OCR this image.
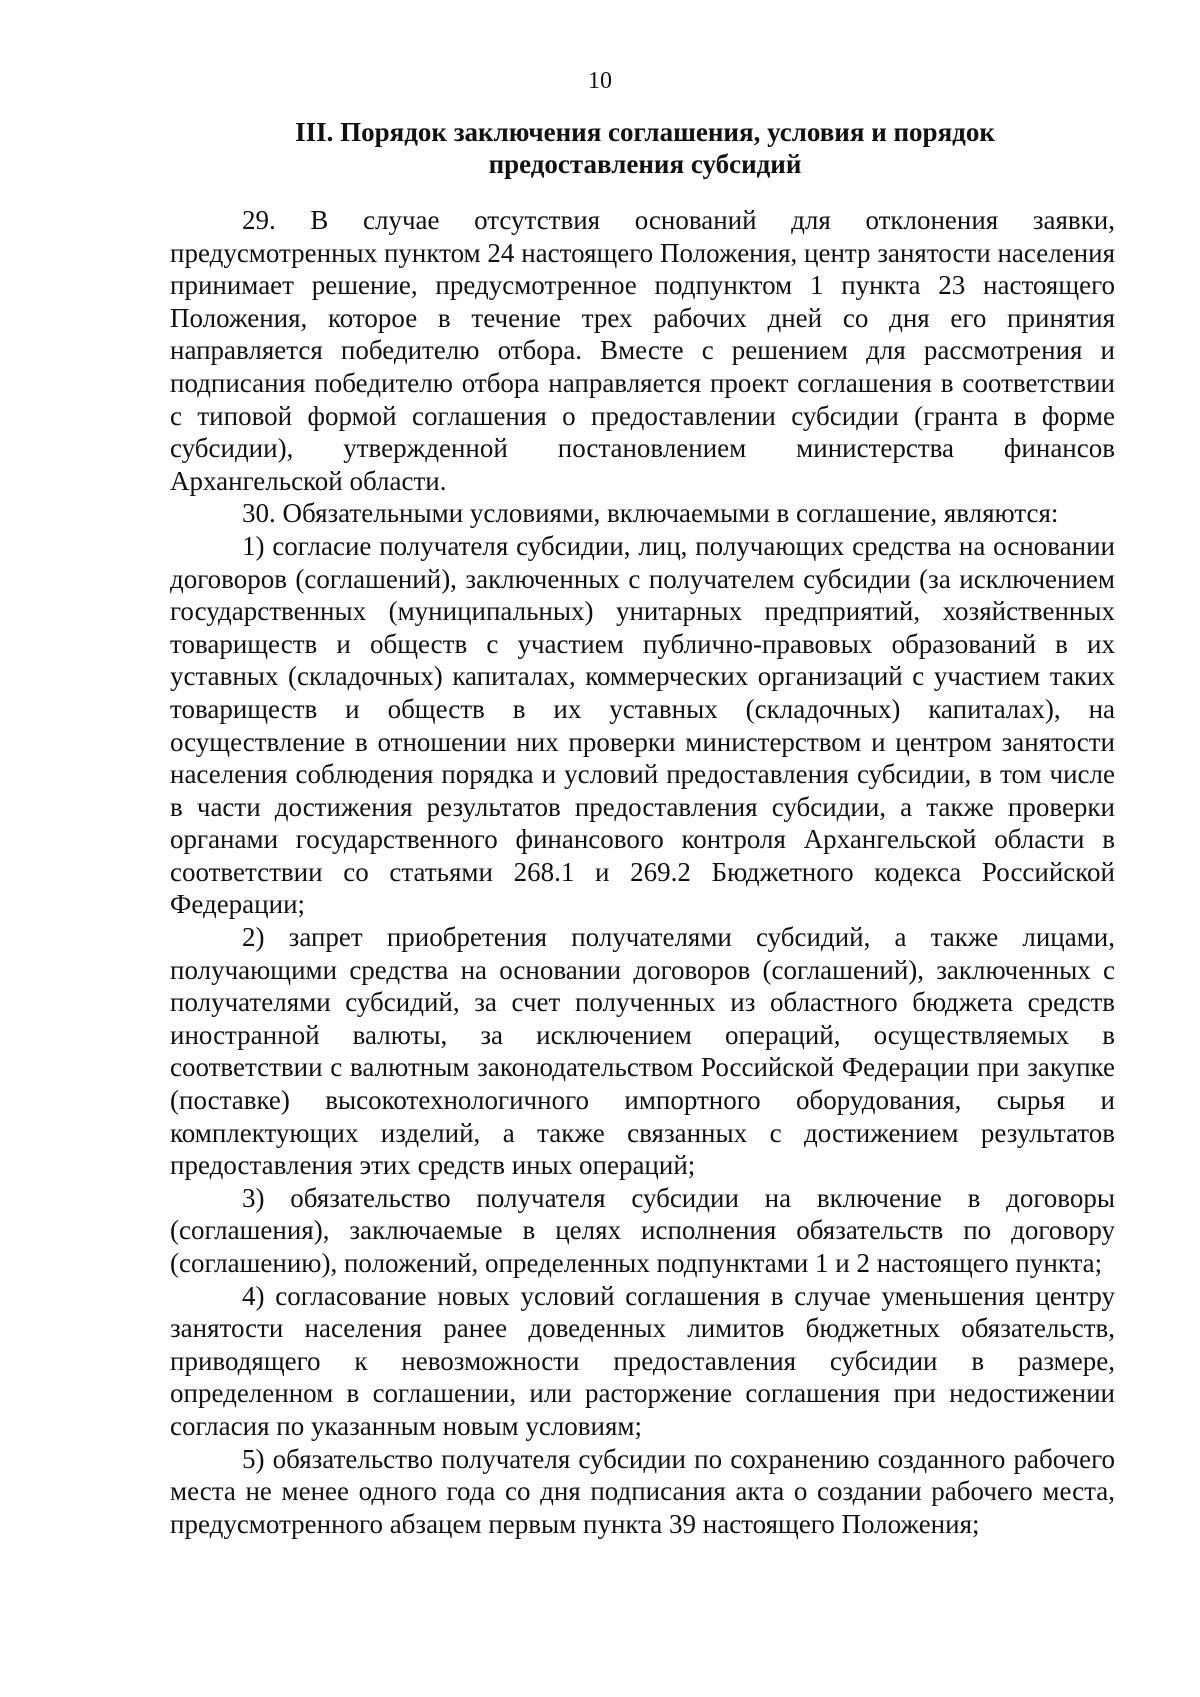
10
III. Порядок заключения соглашения, условия и порядок
предоставления субсидий

29. В случае отсутствия оснований для отклонения заявки, предусмотренных пунктом 24 настоящего Положения, центр занятости населения принимает решение, предусмотренное подпунктом 1 пункта 23 настоящего Положения, которое в течение трех рабочих дней со дня его принятия направляется победителю отбора. Вместе с решением для рассмотрения и подписания победителю отбора направляется проект соглашения в соответствии с типовой формой соглашения о предоставлении субсидии (гранта в форме субсидии), утвержденной постановлением министерства финансов Архангельской области.

30. Обязательными условиями, включаемыми в соглашение, являются:

1) согласие получателя субсидии, лиц, получающих средства на основании договоров (соглашений), заключенных с получателем субсидии (за исключением государственных (муниципальных) унитарных предприятий, хозяйственных товариществ и обществ с участием публично-правовых образований в их уставных (складочных) капиталах, коммерческих организаций с участием таких товариществ и обществ в их уставных (складочных) капиталах), на осуществление в отношении них проверки министерством и центром занятости населения соблюдения порядка и условий предоставления субсидии, в том числе в части достижения результатов предоставления субсидии, а также проверки органами государственного финансового контроля Архангельской области в соответствии со статьями 268.1 и 269.2 Бюджетного кодекса Российской Федерации;

2) запрет приобретения получателями субсидий, а также лицами, получающими средства на основании договоров (соглашений), заключенных с получателями субсидий, за счет полученных из областного бюджета средств иностранной валюты, за исключением операций, осуществляемых в соответствии с валютным законодательством Российской Федерации при закупке (поставке) высокотехнологичного импортного оборудования, сырья и комплектующих изделий, а также связанных с достижением результатов предоставления этих средств иных операций;

3) обязательство получателя субсидии на включение в договоры (соглашения), заключаемые в целях исполнения обязательств по договору (соглашению), положений, определенных подпунктами 1 и 2 настоящего пункта;

4) согласование новых условий соглашения в случае уменьшения центру занятости населения ранее доведенных лимитов бюджетных обязательств, приводящего к невозможности предоставления субсидии в размере, определенном в соглашении, или расторжение соглашения при недостижении согласия по указанным новым условиям;

5) обязательство получателя субсидии по сохранению созданного рабочего места не менее одного года со дня подписания акта о создании рабочего места, предусмотренного абзацем первым пункта 39 настоящего Положения;
